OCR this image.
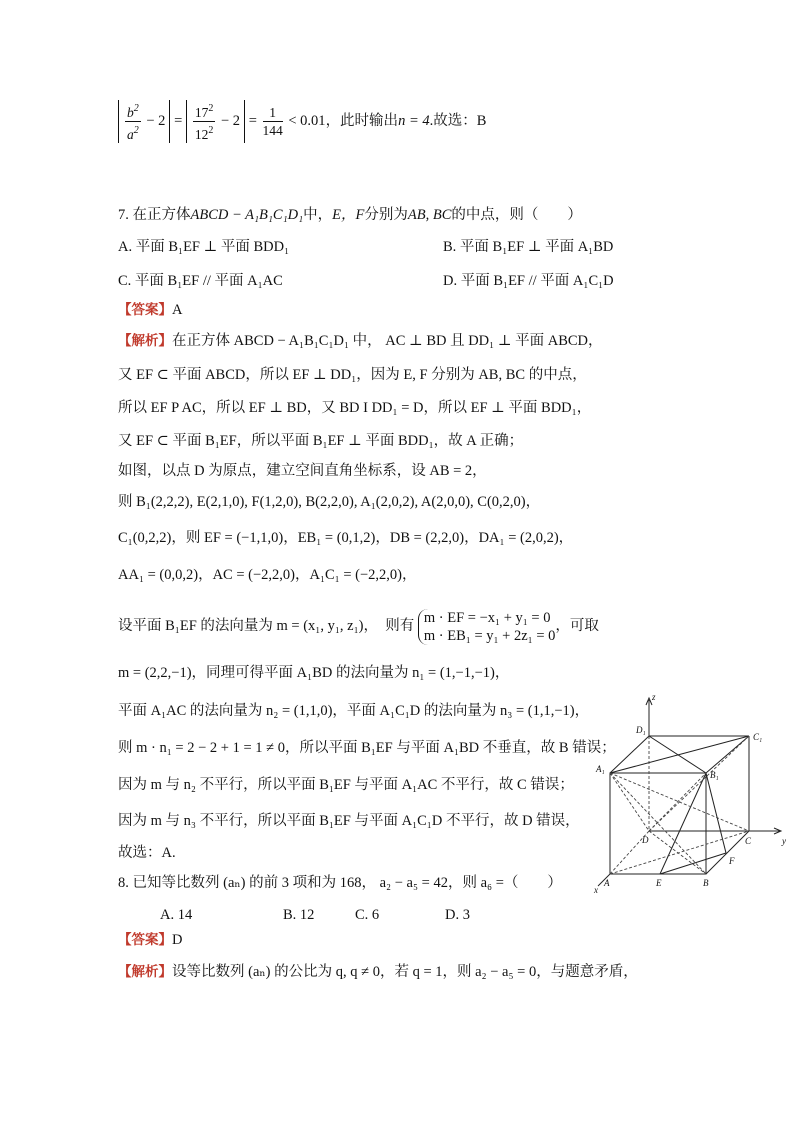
$\frac{b^2}{a^2} - 2 = \frac{17^2}{12^2} - 2 = \frac{1}{144} < 0.01$，此时输出n = 4.故选：B
7. 在正方体ABCD − A₁B₁C₁D₁中，E，F分别为AB, BC的中点，则（　　）
A. 平面 B₁EF ⊥ 平面 BDD₁	B. 平面 B₁EF ⊥ 平面 A₁BD
C. 平面 B₁EF // 平面 A₁AC	D. 平面 B₁EF // 平面 A₁C₁D
【答案】A
【解析】在正方体 ABCD − A₁B₁C₁D₁ 中， AC ⊥ BD 且 DD₁ ⊥ 平面 ABCD，
又 EF ⊂ 平面 ABCD，所以 EF ⊥ DD₁，因为 E, F 分别为 AB, BC 的中点，
所以 EF P AC，所以 EF ⊥ BD，又 BD I DD₁ = D，所以 EF ⊥ 平面 BDD₁，
又 EF ⊂ 平面 B₁EF，所以平面 B₁EF ⊥ 平面 BDD₁，故 A 正确；
如图，以点 D 为原点，建立空间直角坐标系，设 AB = 2，
则 B₁(2,2,2), E(2,1,0), F(1,2,0), B(2,2,0), A₁(2,0,2), A(2,0,0), C(0,2,0)，
C₁(0,2,2)，则 EF = (−1,1,0)，EB₁ = (0,1,2)，DB = (2,2,0)，DA₁ = (2,0,2)，
AA₁ = (0,0,2)，AC = (−2,2,0)，A₁C₁ = (−2,2,0)，
设平面 B₁EF 的法向量为 m = (x₁, y₁, z₁)，　则有
m · EF = −x₁ + y₁ = 0
m · EB₁ = y₁ + 2z₁ = 0
，可取
m = (2,2,−1)，同理可得平面 A₁BD 的法向量为 n₁ = (1,−1,−1)，
平面 A₁AC 的法向量为 n₂ = (1,1,0)，平面 A₁C₁D 的法向量为 n₃ = (1,1,−1)，
则 m · n₁ = 2 − 2 + 1 = 1 ≠ 0，所以平面 B₁EF 与平面 A₁BD 不垂直，故 B 错误；
因为 m 与 n₂ 不平行，所以平面 B₁EF 与平面 A₁AC 不平行，故 C 错误；
因为 m 与 n₃ 不平行，所以平面 B₁EF 与平面 A₁C₁D 不平行，故 D 错误，
故选：A.
8. 已知等比数列 (aₙ) 的前 3 项和为 168， a₂ − a₅ = 42，则 a₆ =（　　）
A. 14	B. 12	C. 6	D. 3
【答案】D
【解析】设等比数列 (aₙ) 的公比为 q, q ≠ 0，若 q = 1，则 a₂ − a₅ = 0，与题意矛盾，
z
D₁
C₁
A₁
B₁
D	C	y
A	E	B
F
x
